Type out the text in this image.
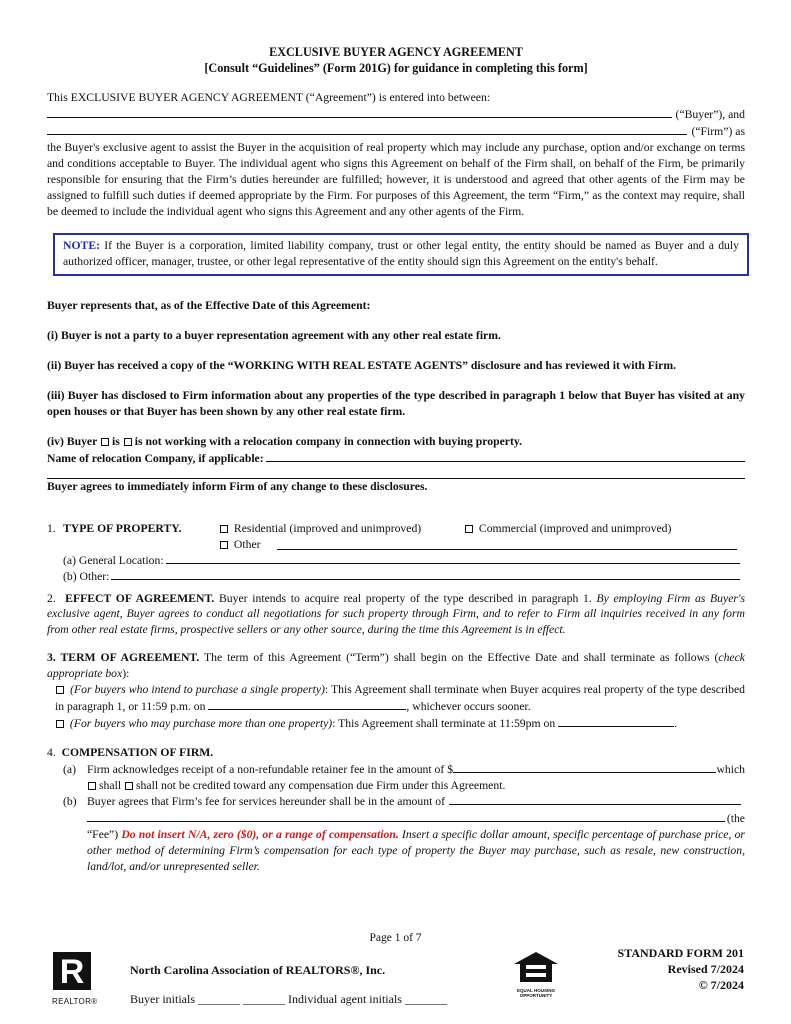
EXCLUSIVE BUYER AGENCY AGREEMENT
[Consult “Guidelines” (Form 201G) for guidance in completing this form]

This EXCLUSIVE BUYER AGENCY AGREEMENT (“Agreement”) is entered into between:

(“Buyer”), and
(“Firm”) as

the Buyer's exclusive agent to assist the Buyer in the acquisition of real property which may include any purchase, option and/or exchange on terms and conditions acceptable to Buyer. The individual agent who signs this Agreement on behalf of the Firm shall, on behalf of the Firm, be primarily responsible for ensuring that the Firm’s duties hereunder are fulfilled; however, it is understood and agreed that other agents of the Firm may be assigned to fulfill such duties if deemed appropriate by the Firm. For purposes of this Agreement, the term “Firm,” as the context may require, shall be deemed to include the individual agent who signs this Agreement and any other agents of the Firm.

NOTE: If the Buyer is a corporation, limited liability company, trust or other legal entity, the entity should be named as Buyer and a duly authorized officer, manager, trustee, or other legal representative of the entity should sign this Agreement on the entity's behalf.

Buyer represents that, as of the Effective Date of this Agreement:

(i) Buyer is not a party to a buyer representation agreement with any other real estate firm.

(ii) Buyer has received a copy of the “WORKING WITH REAL ESTATE AGENTS” disclosure and has reviewed it with Firm.

(iii) Buyer has disclosed to Firm information about any properties of the type described in paragraph 1 below that Buyer has visited at any open houses or that Buyer has been shown by any other real estate firm.

(iv) Buyer is is not working with a relocation company in connection with buying property.

Name of relocation Company, if applicable:

Buyer agrees to immediately inform Firm of any change to these disclosures.

1. TYPE OF PROPERTY.	Residential (improved and unimproved)	Commercial (improved and unimproved)
Other
(a) General Location:
(b) Other:

2. EFFECT OF AGREEMENT. Buyer intends to acquire real property of the type described in paragraph 1. By employing Firm as Buyer's exclusive agent, Buyer agrees to conduct all negotiations for such property through Firm, and to refer to Firm all inquiries received in any form from other real estate firms, prospective sellers or any other source, during the time this Agreement is in effect.

3. TERM OF AGREEMENT. The term of this Agreement (“Term”) shall begin on the Effective Date and shall terminate as follows (check appropriate box):

(For buyers who intend to purchase a single property): This Agreement shall terminate when Buyer acquires real property of the type described in paragraph 1, or 11:59 p.m. on	, whichever occurs sooner.

(For buyers who may purchase more than one property): This Agreement shall terminate at 11:59pm on	.

4. COMPENSATION OF FIRM.

(a) Firm acknowledges receipt of a non-refundable retainer fee in the amount of $	which

shall shall not be credited toward any compensation due Firm under this Agreement.

(b) Buyer agrees that Firm’s fee for services hereunder shall be in the amount of
(the

“Fee”) Do not insert N/A, zero ($0), or a range of compensation. Insert a specific dollar amount, specific percentage of purchase price, or other method of determining Firm’s compensation for each type of property the Buyer may purchase, such as resale, new construction, land/lot, and/or unrepresented seller.

Page 1 of 7
R
REALTOR®
North Carolina Association of REALTORS®, Inc.
Buyer initials _______ _______ Individual agent initials _______
EQUAL HOUSING OPPORTUNITY
STANDARD FORM 201
Revised 7/2024
© 7/2024
